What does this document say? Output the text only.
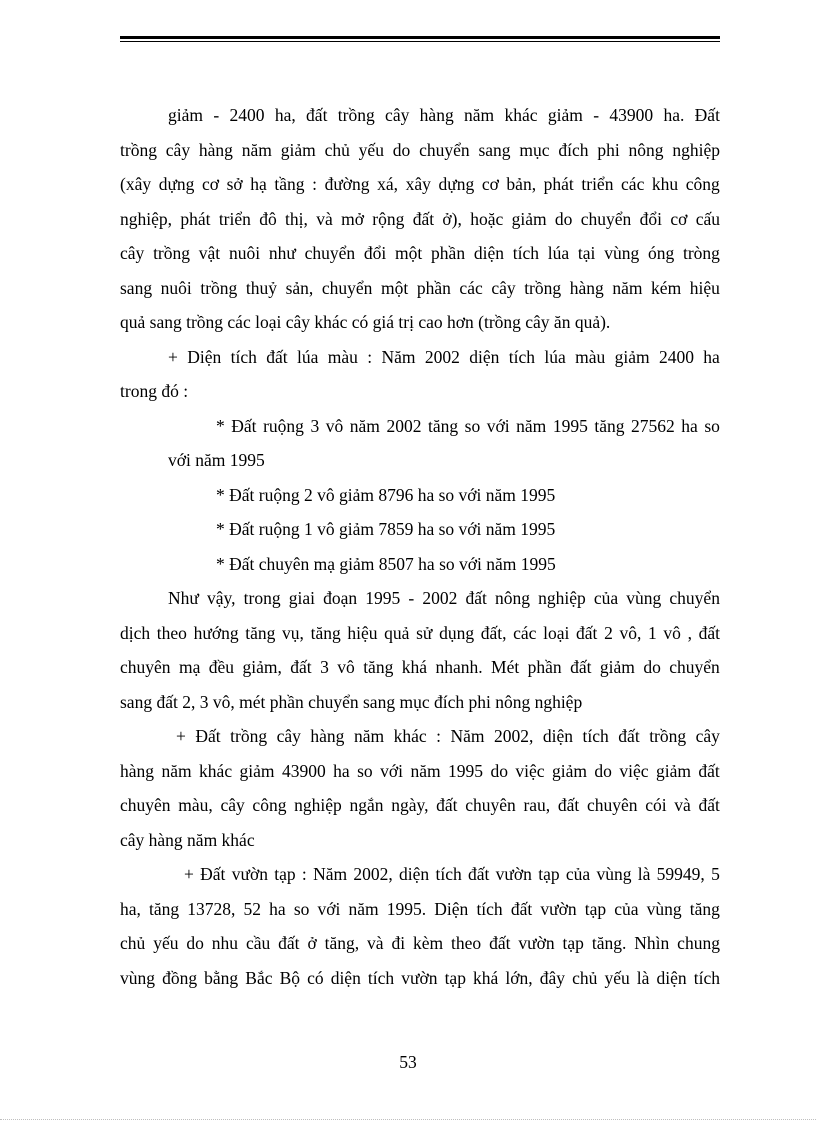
giảm - 2400 ha, đất trồng cây hàng năm khác giảm - 43900 ha. Đất
trồng cây hàng năm giảm chủ yếu do chuyển sang mục đích phi nông nghiệp
(xây dựng cơ sở hạ tầng : đường xá, xây dựng cơ bản, phát triển các khu công
nghiệp, phát triển đô thị, và mở rộng đất ở), hoặc giảm do chuyển đổi cơ cấu
cây trồng vật nuôi như chuyển đổi một phần diện tích lúa tại vùng óng tròng
sang nuôi trồng thuỷ sản, chuyển một phần các cây trồng hàng năm kém hiệu
quả sang trồng các loại cây khác có giá trị cao hơn (trồng cây ăn quả).
+ Diện tích đất lúa màu : Năm 2002 diện tích lúa màu giảm 2400 ha
trong đó :
* Đất ruộng 3 vô năm 2002 tăng so với năm 1995 tăng 27562 ha so
với năm 1995
* Đất ruộng 2 vô giảm 8796 ha so với năm 1995
* Đất ruộng 1 vô giảm 7859 ha so với năm 1995
* Đất chuyên mạ giảm 8507 ha so với năm 1995
Như vậy, trong giai đoạn 1995 - 2002 đất nông nghiệp của vùng chuyển
dịch theo hướng tăng vụ, tăng hiệu quả sử dụng đất, các loại đất 2 vô, 1 vô , đất
chuyên mạ đều giảm, đất 3 vô tăng khá nhanh. Mét phần đất giảm do chuyển
sang đất 2, 3 vô, mét phần chuyển sang mục đích phi nông nghiệp
+ Đất trồng cây hàng năm khác : Năm 2002, diện tích đất trồng cây
hàng năm khác giảm 43900 ha so với năm 1995 do việc giảm do việc giảm đất
chuyên màu, cây công nghiệp ngắn ngày, đất chuyên rau, đất chuyên cói và đất
cây hàng năm khác
+ Đất vườn tạp : Năm 2002, diện tích đất vườn tạp của vùng là 59949, 5
ha, tăng 13728, 52 ha so với năm 1995. Diện tích đất vườn tạp của vùng tăng
chủ yếu do nhu cầu đất ở tăng, và đi kèm theo đất vườn tạp tăng. Nhìn chung
vùng đồng bằng Bắc Bộ có diện tích vườn tạp khá lớn, đây chủ yếu là diện tích
53
